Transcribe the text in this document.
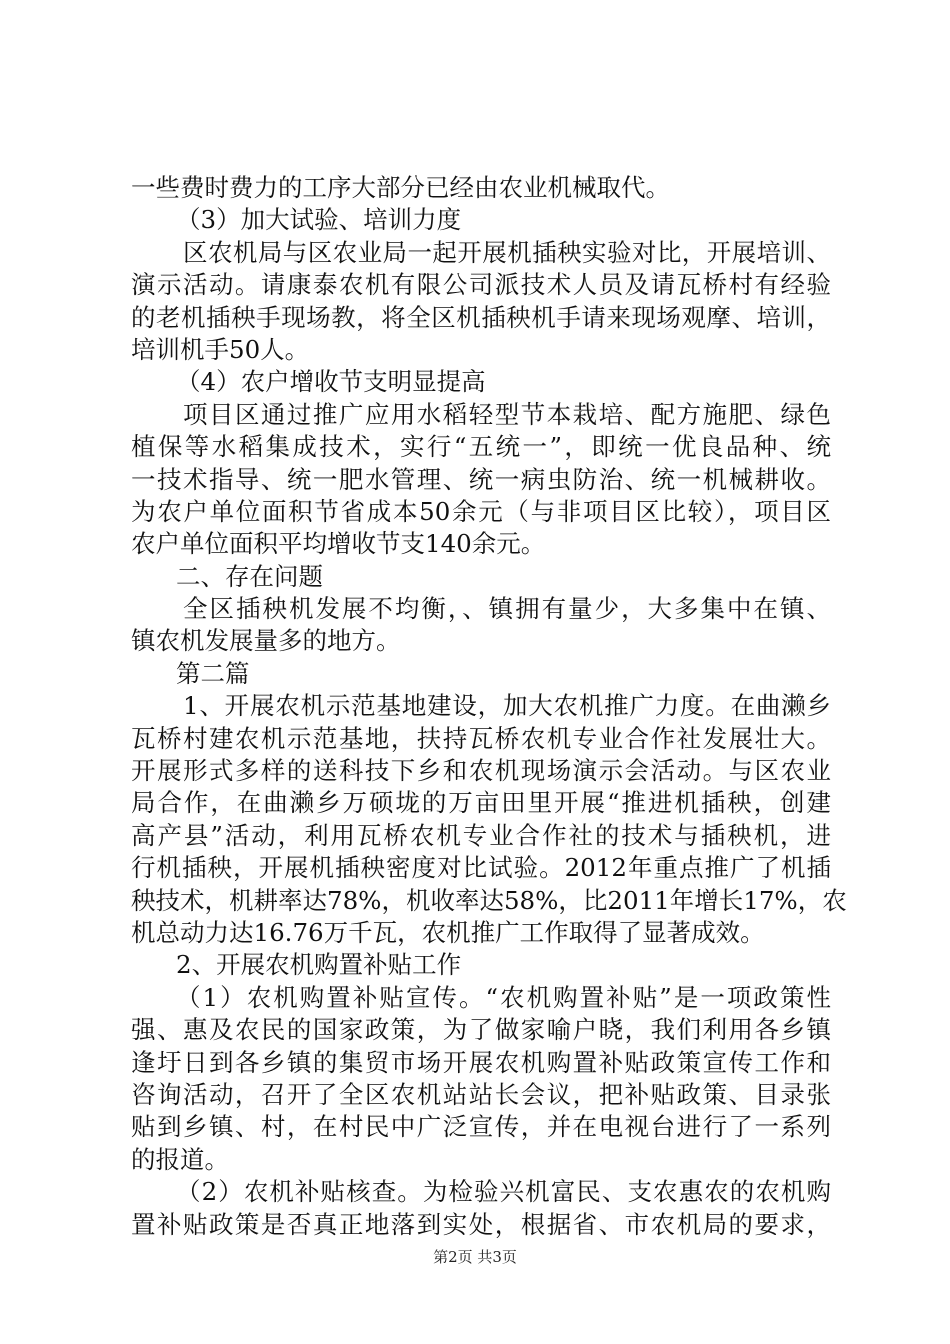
一些费时费力的工序大部分已经由农业机械取代。
（3）加大试验、培训力度
区农机局与区农业局一起开展机插秧实验对比，开展培训、
演示活动。请康泰农机有限公司派技术人员及请瓦桥村有经验
的老机插秧手现场教，将全区机插秧机手请来现场观摩、培训，
培训机手50人。
（4）农户增收节支明显提高
项目区通过推广应用水稻轻型节本栽培、配方施肥、绿色
植保等水稻集成技术，实行“五统一”，即统一优良品种、统
一技术指导、统一肥水管理、统一病虫防治、统一机械耕收。
为农户单位面积节省成本50余元（与非项目区比较），项目区
农户单位面积平均增收节支140余元。
二、存在问题
全区插秧机发展不均衡，、镇拥有量少，大多集中在镇、
镇农机发展量多的地方。
第二篇
1、开展农机示范基地建设，加大农机推广力度。在曲濑乡
瓦桥村建农机示范基地，扶持瓦桥农机专业合作社发展壮大。
开展形式多样的送科技下乡和农机现场演示会活动。与区农业
局合作，在曲濑乡万硕垅的万亩田里开展“推进机插秧，创建
高产县”活动，利用瓦桥农机专业合作社的技术与插秧机，进
行机插秧，开展机插秧密度对比试验。2012年重点推广了机插
秧技术，机耕率达78%，机收率达58%，比2011年增长17%，农
机总动力达16.76万千瓦，农机推广工作取得了显著成效。
2、开展农机购置补贴工作
（1）农机购置补贴宣传。“农机购置补贴”是一项政策性
强、惠及农民的国家政策，为了做家喻户晓，我们利用各乡镇
逢圩日到各乡镇的集贸市场开展农机购置补贴政策宣传工作和
咨询活动，召开了全区农机站站长会议，把补贴政策、目录张
贴到乡镇、村，在村民中广泛宣传，并在电视台进行了一系列
的报道。
（2）农机补贴核查。为检验兴机富民、支农惠农的农机购
置补贴政策是否真正地落到实处，根据省、市农机局的要求，
第2页 共3页
